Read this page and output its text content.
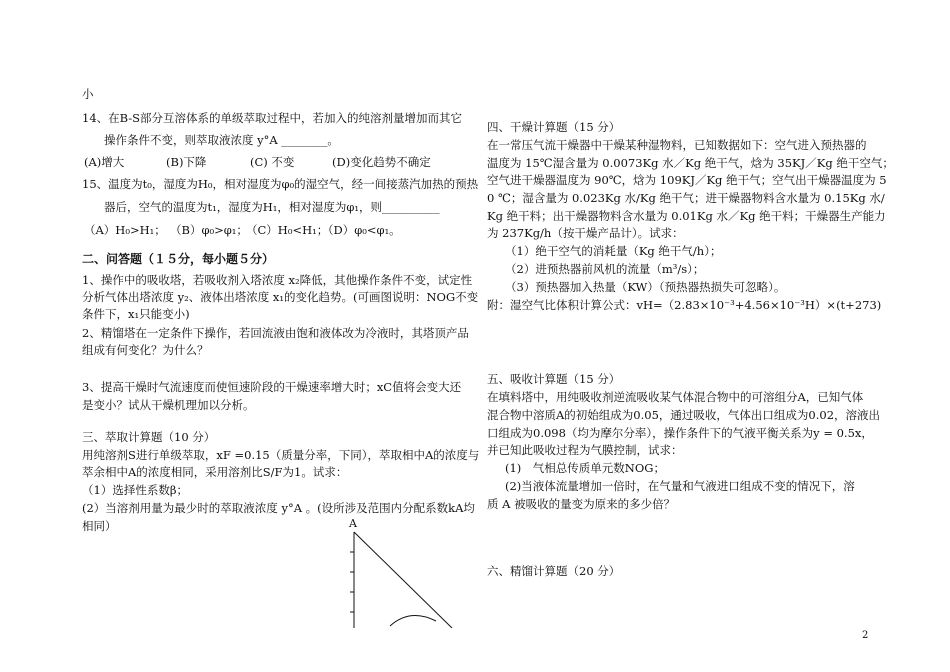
小
14、在B-S部分互溶体系的单级萃取过程中，若加入的纯溶剂量增加而其它
操作条件不变，则萃取液浓度 y°A ________。
(A)增大	(B)下降	(C) 不变	(D)变化趋势不确定
15、温度为t₀，湿度为H₀，相对湿度为φ₀的湿空气，经一间接蒸汽加热的预热
器后，空气的温度为t₁，湿度为H₁，相对湿度为φ₁，则__________
（A）H₀>H₁； （B）φ₀>φ₁；
（C）H₀<H₁；
（D）φ₀<φ₁。
二、问答题（１５分，每小题５分）
1、操作中的吸收塔，若吸收剂入塔浓度 x₂降低，其他操作条件不变，试定性
分析气体出塔浓度 y₂、液体出塔浓度 x₁的变化趋势。(可画图说明：NOG不变
条件下，x₁只能变小)
2、精馏塔在一定条件下操作，若回流液由饱和液体改为冷液时，其塔顶产品
组成有何变化？为什么？
3、提高干燥时气流速度而使恒速阶段的干燥速率增大时；xC值将会变大还
是变小？试从干燥机理加以分析。
三、萃取计算题（10 分）
用纯溶剂S进行单级萃取，xF =0.15（质量分率，下同），萃取相中A的浓度与
萃余相中A的浓度相同，采用溶剂比S/F为1。试求：
（1）选择性系数β；
(2）当溶剂用量为最少时的萃取液浓度 y°A 。(设所涉及范围内分配系数kA均
相同）	A
四、干燥计算题（15 分）
在一常压气流干燥器中干燥某种湿物料，已知数据如下：空气进入预热器的
温度为 15℃湿含量为 0.0073Kg 水／Kg 绝干气，焓为 35KJ／Kg 绝干空气；
空气进干燥器温度为 90℃，焓为 109KJ／Kg 绝干气；空气出干燥器温度为 5
0 ℃；湿含量为 0.023Kg 水/Kg 绝干气；进干燥器物料含水量为 0.15Kg 水/
Kg 绝干料；出干燥器物料含水量为 0.01Kg 水／Kg 绝干料；干燥器生产能力
为 237Kg/h（按干燥产品计）。试求：
（1）绝干空气的消耗量（Kg 绝干气/h）；
（2）进预热器前风机的流量（m³/s）；
（3）预热器加入热量（KW）（预热器热损失可忽略）。
附：湿空气比体积计算公式：vH=（2.83×10⁻³+4.56×10⁻³H）×(t+273)
五、吸收计算题（15 分）
在填料塔中，用纯吸收剂逆流吸收某气体混合物中的可溶组分A，已知气体
混合物中溶质A的初始组成为0.05，通过吸收，气体出口组成为0.02，溶液出
口组成为0.098（均为摩尔分率），操作条件下的气液平衡关系为y = 0.5x，
并已知此吸收过程为气膜控制，试求：
(1)　气相总传质单元数NOG；
(2)当液体流量增加一倍时，在气量和气液进口组成不变的情况下，溶
质 A 被吸收的量变为原来的多少倍？
六、精馏计算题（20 分）
2
